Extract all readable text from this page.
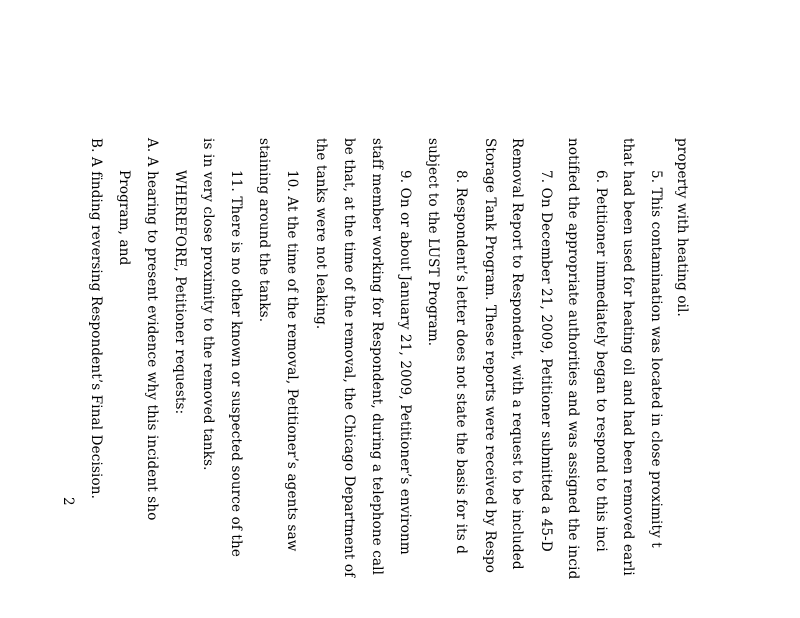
property with heating oil.
5. This contamination was located in close proximity t
that had been used for heating oil and had been removed earli
6. Petitioner immediately began to respond to this inci
notified the appropriate authorities and was assigned the incid
7. On December 21, 2009, Petitioner submitted a 45-D
Removal Report to Respondent, with a request to be included
Storage Tank Program. These reports were received by Respo
8. Respondent’s letter does not state the basis for its d
subject to the LUST Program.
9. On or about January 21, 2009, Petitioner’s environm
staff member working for Respondent, during a telephone call
be that, at the time of the removal, the Chicago Department of
the tanks were not leaking.
10. At the time of the removal, Petitioner’s agents saw
staining around the tanks.
11. There is no other known or suspected source of the
is in very close proximity to the removed tanks.
WHEREFORE, Petitioner requests:
A. A hearing to present evidence why this incident sho
Program, and
B. A finding reversing Respondent’s Final Decision.
2
